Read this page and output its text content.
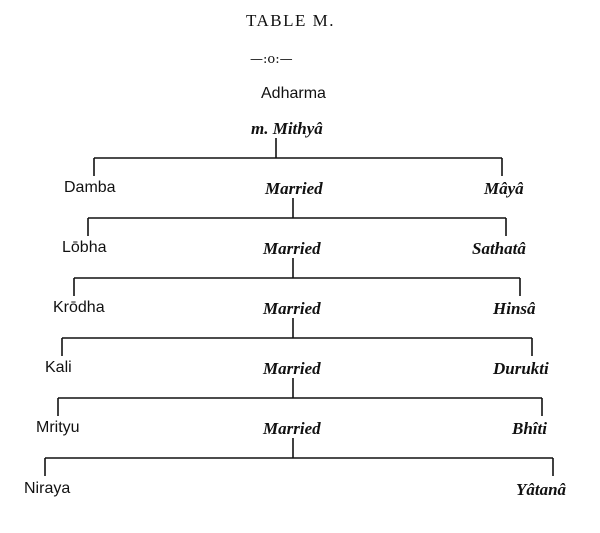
TABLE M.
—:o:—
Adharma
m. Mithyâ
Damba	Married	Mâyâ
Lōbha	Married	Sathatâ
Krōdha	Married	Hinsâ
Kali	Married	Durukti
Mrityu	Married	Bhîti
Niraya	Yâtanâ
